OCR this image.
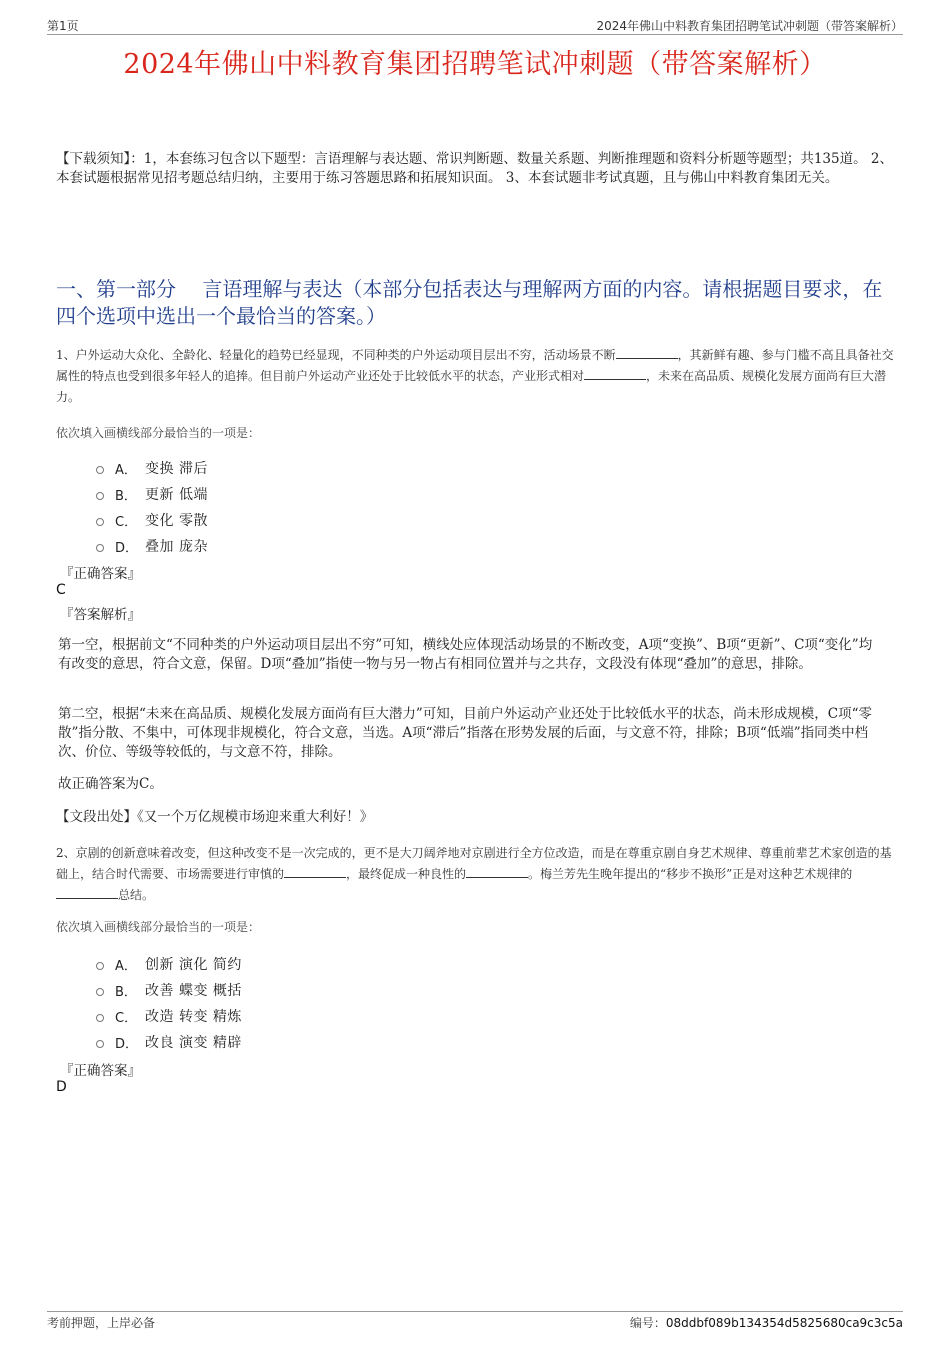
第1页	2024年佛山中料教育集团招聘笔试冲刺题（带答案解析）
2024年佛山中料教育集团招聘笔试冲刺题（带答案解析）
【下载须知】：1，本套练习包含以下题型：言语理解与表达题、常识判断题、数量关系题、判断推理题和资料分析题等题型；共135道。 2、本套试题根据常见招考题总结归纳，主要用于练习答题思路和拓展知识面。 3、本套试题非考试真题，且与佛山中料教育集团无关。
一、第一部分　 言语理解与表达（本部分包括表达与理解两方面的内容。请根据题目要求，在四个选项中选出一个最恰当的答案。）
1、户外运动大众化、全龄化、轻量化的趋势已经显现，不同种类的户外运动项目层出不穷，活动场景不断	，其新鲜有趣、参与门槛不高且具备社交属性的特点也受到很多年轻人的追捧。但目前户外运动产业还处于比较低水平的状态，产业形式相对	，未来在高品质、规模化发展方面尚有巨大潜力。
依次填入画横线部分最恰当的一项是：
A． 变换 滞后
B． 更新 低端
C． 变化 零散
D． 叠加 庞杂
『正确答案』
C
『答案解析』
第一空，根据前文“不同种类的户外运动项目层出不穷”可知，横线处应体现活动场景的不断改变，A项“变换”、B项“更新”、C项“变化”均有改变的意思，符合文意，保留。D项“叠加”指使一物与另一物占有相同位置并与之共存，文段没有体现“叠加”的意思，排除。
第二空，根据“未来在高品质、规模化发展方面尚有巨大潜力”可知，目前户外运动产业还处于比较低水平的状态，尚未形成规模，C项“零散”指分散、不集中，可体现非规模化，符合文意，当选。A项“滞后”指落在形势发展的后面，与文意不符，排除；B项“低端”指同类中档次、价位、等级等较低的，与文意不符，排除。
故正确答案为C。
【文段出处】《又一个万亿规模市场迎来重大利好！》
2、京剧的创新意味着改变，但这种改变不是一次完成的，更不是大刀阔斧地对京剧进行全方位改造，而是在尊重京剧自身艺术规律、尊重前辈艺术家创造的基础上，结合时代需要、市场需要进行审慎的	，最终促成一种良性的	。梅兰芳先生晚年提出的“移步不换形”正是对这种艺术规律的总结。
依次填入画横线部分最恰当的一项是：
A． 创新 演化 简约
B． 改善 蝶变 概括
C． 改造 转变 精炼
D． 改良 演变 精辟
『正确答案』
D
考前押题，上岸必备	编号：08ddbf089b134354d5825680ca9c3c5a
